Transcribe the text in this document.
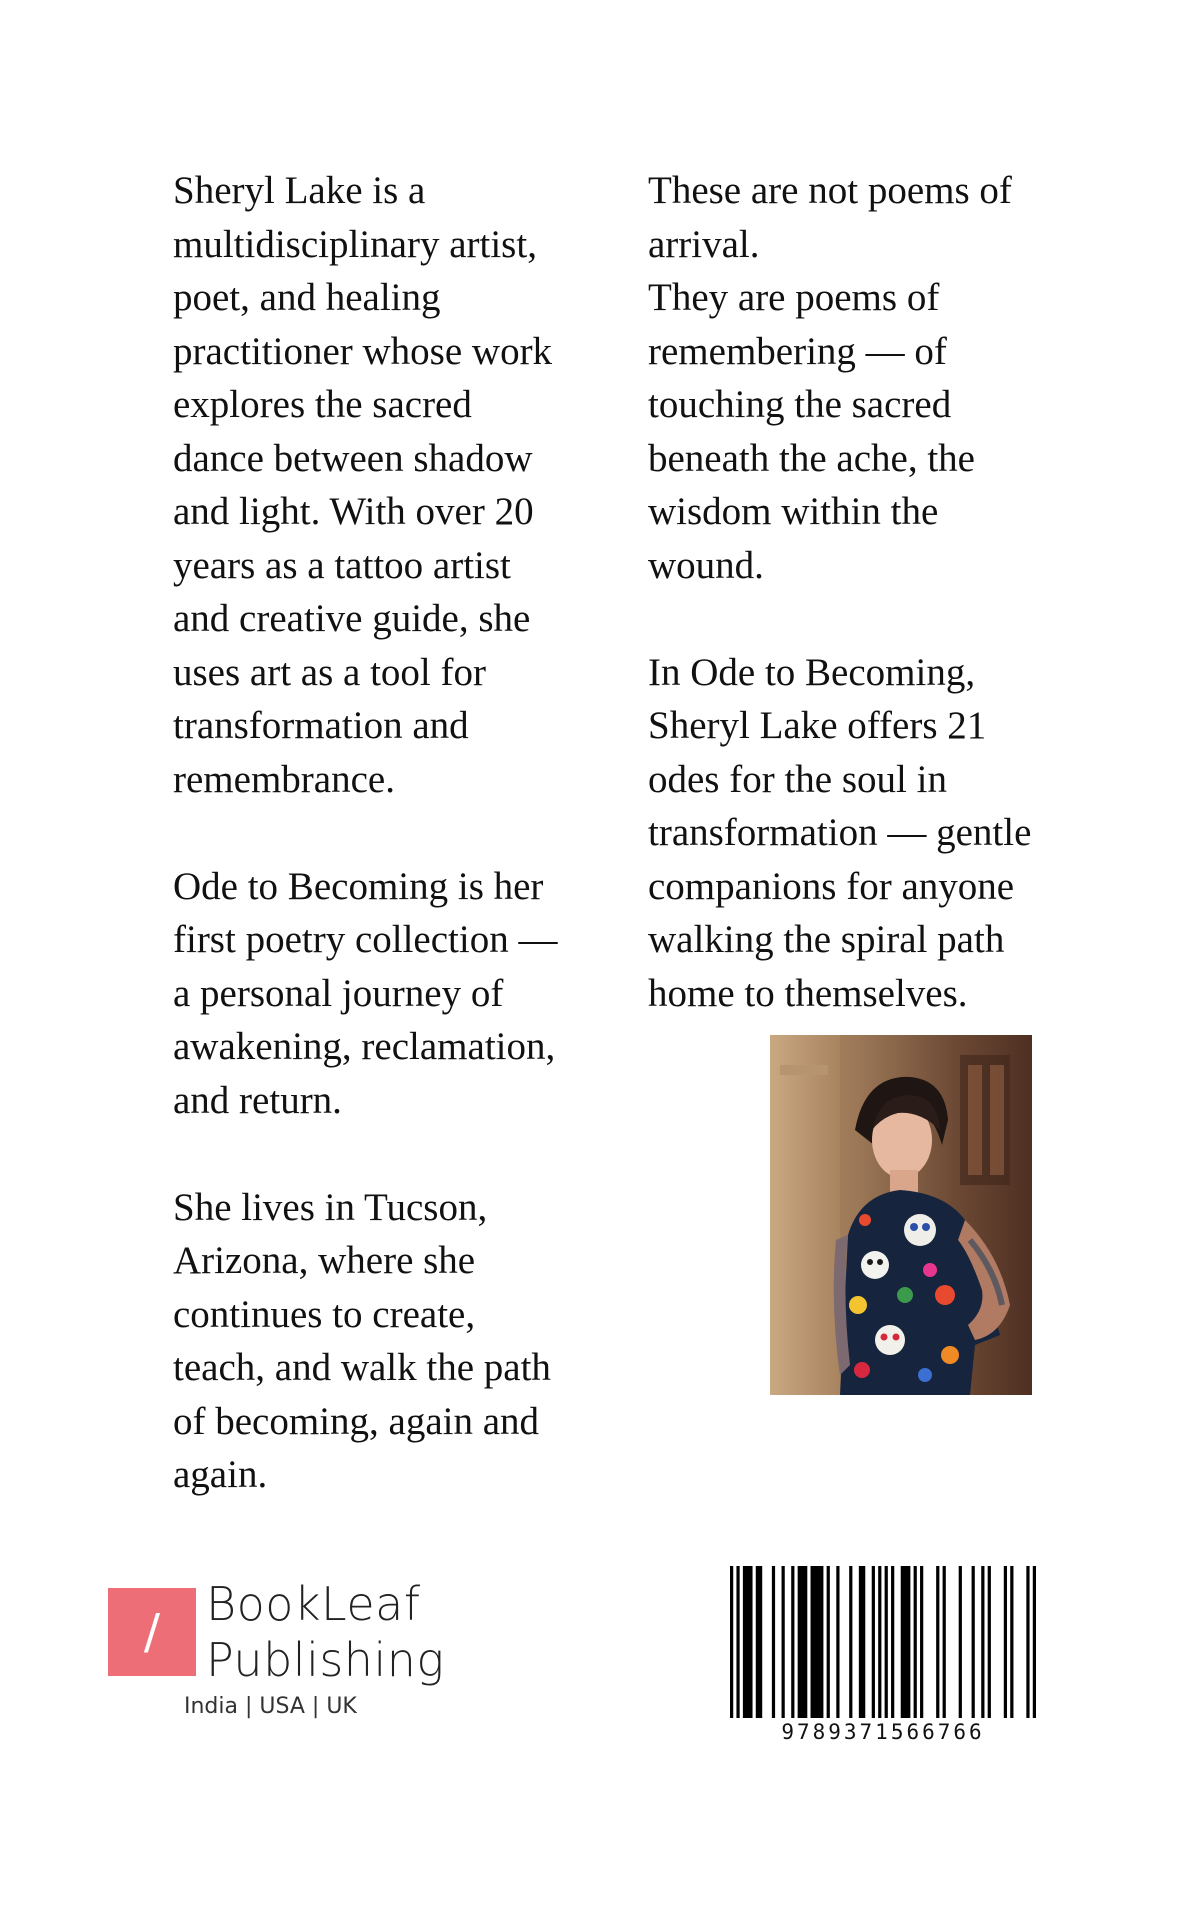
Sheryl Lake is a
multidisciplinary artist,
poet, and healing
practitioner whose work
explores the sacred
dance between shadow
and light. With over 20
years as a tattoo artist
and creative guide, she
uses art as a tool for
transformation and
remembrance.

Ode to Becoming is her
first poetry collection —
a personal journey of
awakening, reclamation,
and return.

She lives in Tucson,
Arizona, where she
continues to create,
teach, and walk the path
of becoming, again and
again.

These are not poems of
arrival.
They are poems of
remembering — of
touching the sacred
beneath the ache, the
wisdom within the
wound.

In Ode to Becoming,
Sheryl Lake offers 21
odes for the soul in
transformation — gentle
companions for anyone
walking the spiral path
home to themselves.

/ BookLeaf
Publishing
India | USA | UK
9789371566766
